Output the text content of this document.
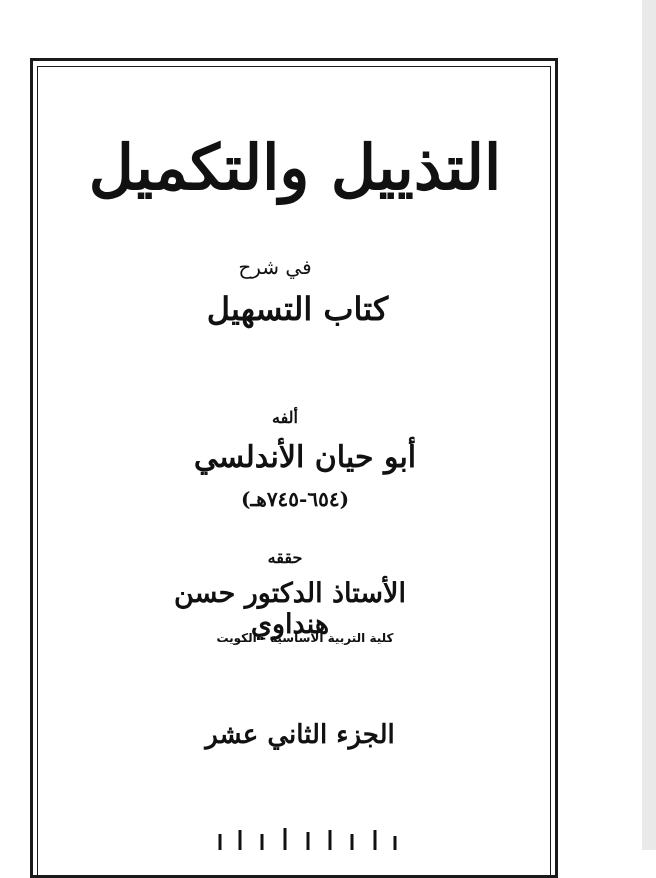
التذييل والتكميل
في شرح
كتاب التسهيل
ألفه
أبو حيان الأندلسي
(٦٥٤-٧٤٥هـ)
حققه
الأستاذ الدكتور حسن هنداوي
كلية التربية الأساسية - الكويت
الجزء الثاني عشر
